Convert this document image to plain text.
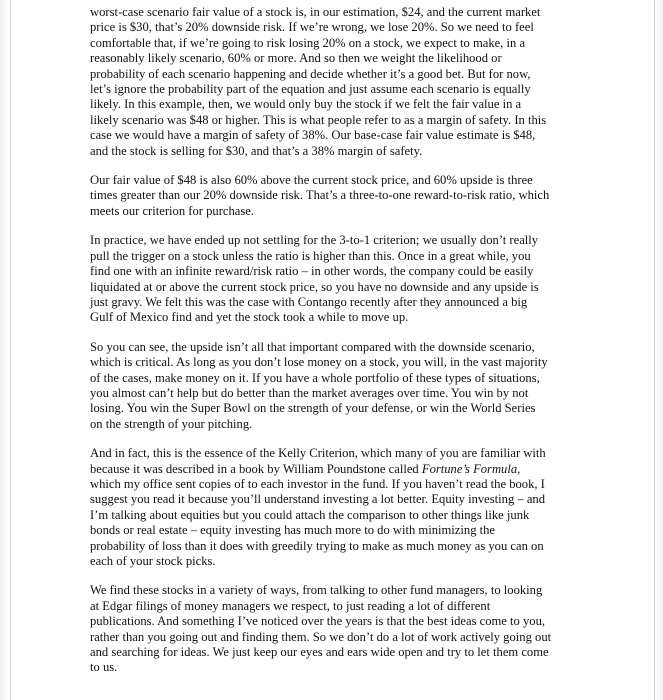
worst-case scenario fair value of a stock is, in our estimation, $24, and the current market
price is $30, that’s 20% downside risk. If we’re wrong, we lose 20%. So we need to feel
comfortable that, if we’re going to risk losing 20% on a stock, we expect to make, in a
reasonably likely scenario, 60% or more. And so then we weight the likelihood or
probability of each scenario happening and decide whether it’s a good bet. But for now,
let’s ignore the probability part of the equation and just assume each scenario is equally
likely. In this example, then, we would only buy the stock if we felt the fair value in a
likely scenario was $48 or higher. This is what people refer to as a margin of safety. In this
case we would have a margin of safety of 38%. Our base-case fair value estimate is $48,
and the stock is selling for $30, and that’s a 38% margin of safety.

Our fair value of $48 is also 60% above the current stock price, and 60% upside is three
times greater than our 20% downside risk. That’s a three-to-one reward-to-risk ratio, which
meets our criterion for purchase.

In practice, we have ended up not settling for the 3-to-1 criterion; we usually don’t really
pull the trigger on a stock unless the ratio is higher than this. Once in a great while, you
find one with an infinite reward/risk ratio – in other words, the company could be easily
liquidated at or above the current stock price, so you have no downside and any upside is
just gravy. We felt this was the case with Contango recently after they announced a big
Gulf of Mexico find and yet the stock took a while to move up.

So you can see, the upside isn’t all that important compared with the downside scenario,
which is critical. As long as you don’t lose money on a stock, you will, in the vast majority
of the cases, make money on it. If you have a whole portfolio of these types of situations,
you almost can’t help but do better than the market averages over time. You win by not
losing. You win the Super Bowl on the strength of your defense, or win the World Series
on the strength of your pitching.

And in fact, this is the essence of the Kelly Criterion, which many of you are familiar with
because it was described in a book by William Poundstone called Fortune’s Formula,
which my office sent copies of to each investor in the fund. If you haven’t read the book, I
suggest you read it because you’ll understand investing a lot better. Equity investing – and
I’m talking about equities but you could attach the comparison to other things like junk
bonds or real estate – equity investing has much more to do with minimizing the
probability of loss than it does with greedily trying to make as much money as you can on
each of your stock picks.

We find these stocks in a variety of ways, from talking to other fund managers, to looking
at Edgar filings of money managers we respect, to just reading a lot of different
publications. And something I’ve noticed over the years is that the best ideas come to you,
rather than you going out and finding them. So we don’t do a lot of work actively going out
and searching for ideas. We just keep our eyes and ears wide open and try to let them come
to us.
